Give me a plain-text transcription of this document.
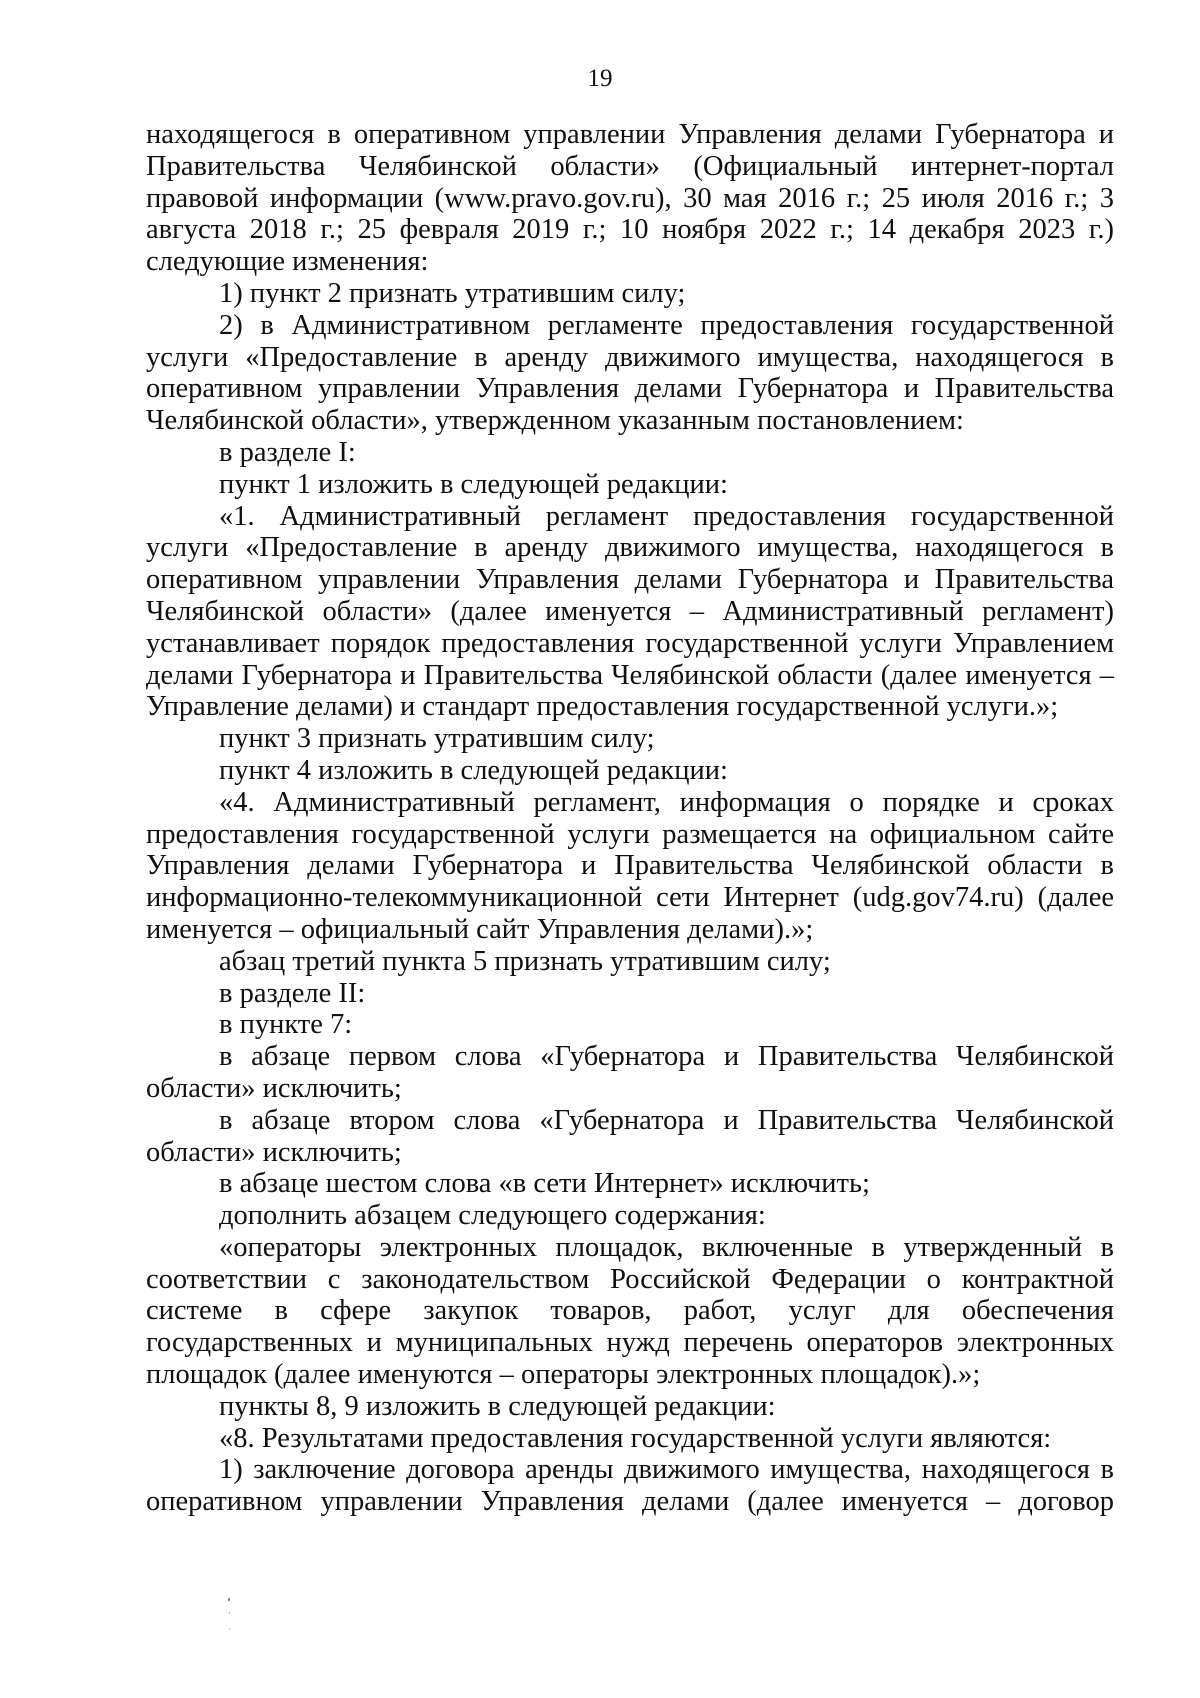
19

находящегося в оперативном управлении Управления делами Губернатора и Правительства Челябинской области» (Официальный интернет-портал правовой информации (www.pravo.gov.ru), 30 мая 2016 г.; 25 июля 2016 г.; 3 августа 2018 г.; 25 февраля 2019 г.; 10 ноября 2022 г.; 14 декабря 2023 г.) следующие изменения:

1) пункт 2 признать утратившим силу;

2) в Административном регламенте предоставления государственной услуги «Предоставление в аренду движимого имущества, находящегося в оперативном управлении Управления делами Губернатора и Правительства Челябинской области», утвержденном указанным постановлением:

в разделе I:

пункт 1 изложить в следующей редакции:

«1. Административный регламент предоставления государственной услуги «Предоставление в аренду движимого имущества, находящегося в оперативном управлении Управления делами Губернатора и Правительства Челябинской области» (далее именуется – Административный регламент) устанавливает порядок предоставления государственной услуги Управлением делами Губернатора и Правительства Челябинской области (далее именуется – Управление делами) и стандарт предоставления государственной услуги.»;

пункт 3 признать утратившим силу;

пункт 4 изложить в следующей редакции:

«4. Административный регламент, информация о порядке и сроках предоставления государственной услуги размещается на официальном сайте Управления делами Губернатора и Правительства Челябинской области в информационно-телекоммуникационной сети Интернет (udg.gov74.ru) (далее именуется – официальный сайт Управления делами).»;

абзац третий пункта 5 признать утратившим силу;

в разделе II:

в пункте 7:

в абзаце первом слова «Губернатора и Правительства Челябинской области» исключить;

в абзаце втором слова «Губернатора и Правительства Челябинской области» исключить;

в абзаце шестом слова «в сети Интернет» исключить;

дополнить абзацем следующего содержания:

«операторы электронных площадок, включенные в утвержденный в соответствии с законодательством Российской Федерации о контрактной системе в сфере закупок товаров, работ, услуг для обеспечения государственных и муниципальных нужд перечень операторов электронных площадок (далее именуются – операторы электронных площадок).»;

пункты 8, 9 изложить в следующей редакции:

«8. Результатами предоставления государственной услуги являются:

1) заключение договора аренды движимого имущества, находящегося в оперативном управлении Управления делами (далее именуется – договор
